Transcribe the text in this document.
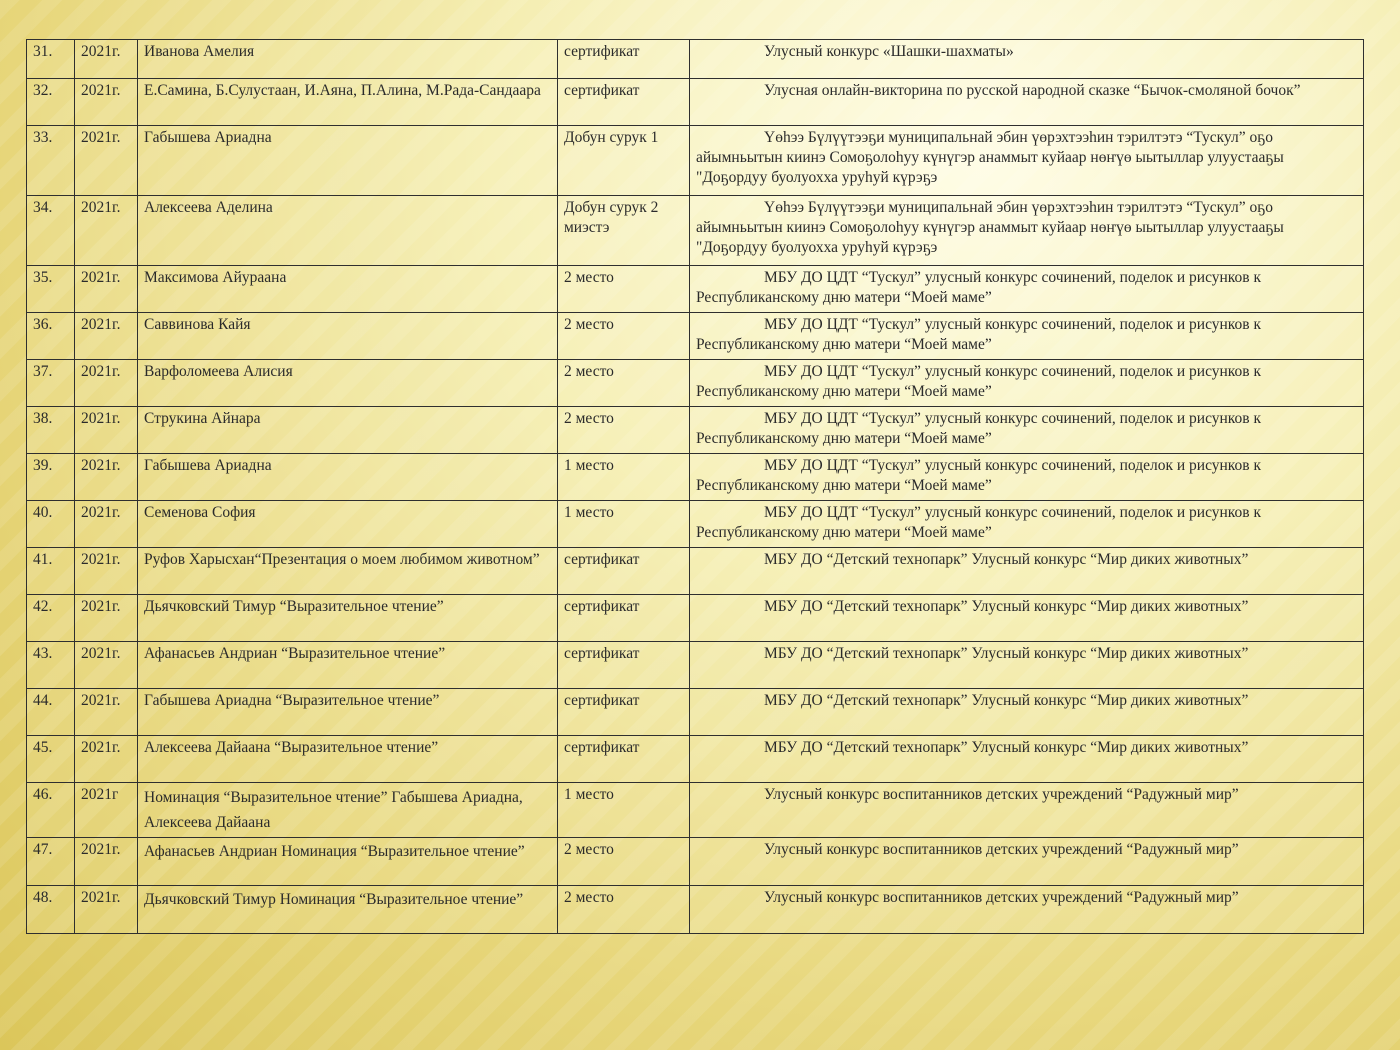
31.	2021г.	Иванова Амелия	сертификат	Улусный конкурс «Шашки-шахматы»
32.	2021г.	Е.Самина, Б.Сулустаан, И.Аяна, П.Алина, М.Рада-Сандаара	сертификат	Улусная онлайн-викторина по русской народной сказке “Бычок-смоляной бочок”
33.	2021г.	Габышева Ариадна	Добун сурук 1	Үөһээ Бүлүүтээҕи муниципальнай эбин үөрэхтээһин тэрилтэтэ “Тускул” оҕо айымньытын киинэ Сомоҕолоһуу күнүгэр анаммыт куйаар нөҥүө ыытыллар улуустааҕы "Доҕордуу буолуохха уруһуй күрэҕэ
34.	2021г.	Алексеева Аделина	Добун сурук 2 миэстэ	Үөһээ Бүлүүтээҕи муниципальнай эбин үөрэхтээһин тэрилтэтэ “Тускул” оҕо айымньытын киинэ Сомоҕолоһуу күнүгэр анаммыт куйаар нөҥүө ыытыллар улуустааҕы "Доҕордуу буолуохха уруһуй күрэҕэ
35.	2021г.	Максимова Айураана	2 место	МБУ ДО ЦДТ “Тускул” улусный конкурс сочинений, поделок и рисунков к Республиканскому дню матери “Моей маме”
36.	2021г.	Саввинова Кайя	2 место	МБУ ДО ЦДТ “Тускул” улусный конкурс сочинений, поделок и рисунков к Республиканскому дню матери “Моей маме”
37.	2021г.	Варфоломеева Алисия	2 место	МБУ ДО ЦДТ “Тускул” улусный конкурс сочинений, поделок и рисунков к Республиканскому дню матери “Моей маме”
38.	2021г.	Струкина Айнара	2 место	МБУ ДО ЦДТ “Тускул” улусный конкурс сочинений, поделок и рисунков к Республиканскому дню матери “Моей маме”
39.	2021г.	Габышева Ариадна	1 место	МБУ ДО ЦДТ “Тускул” улусный конкурс сочинений, поделок и рисунков к Республиканскому дню матери “Моей маме”
40.	2021г.	Семенова София	1 место	МБУ ДО ЦДТ “Тускул” улусный конкурс сочинений, поделок и рисунков к Республиканскому дню матери “Моей маме”
41.	2021г.	Руфов Харысхан“Презентация о моем любимом животном”	сертификат	МБУ ДО “Детский технопарк” Улусный конкурс “Мир диких животных”
42.	2021г.	Дьячковский Тимур “Выразительное чтение”	сертификат	МБУ ДО “Детский технопарк” Улусный конкурс “Мир диких животных”
43.	2021г.	Афанасьев Андриан “Выразительное чтение”	сертификат	МБУ ДО “Детский технопарк” Улусный конкурс “Мир диких животных”
44.	2021г.	Габышева Ариадна “Выразительное чтение”	сертификат	МБУ ДО “Детский технопарк” Улусный конкурс “Мир диких животных”
45.	2021г.	Алексеева Дайаана “Выразительное чтение”	сертификат	МБУ ДО “Детский технопарк” Улусный конкурс “Мир диких животных”
46.	2021г	Номинация “Выразительное чтение” Габышева Ариадна, Алексеева Дайаана	1 место	Улусный конкурс воспитанников детских учреждений “Радужный мир”
47.	2021г.	Афанасьев Андриан Номинация “Выразительное чтение”	2 место	Улусный конкурс воспитанников детских учреждений “Радужный мир”
48.	2021г.	Дьячковский Тимур Номинация “Выразительное чтение”	2 место	Улусный конкурс воспитанников детских учреждений “Радужный мир”
